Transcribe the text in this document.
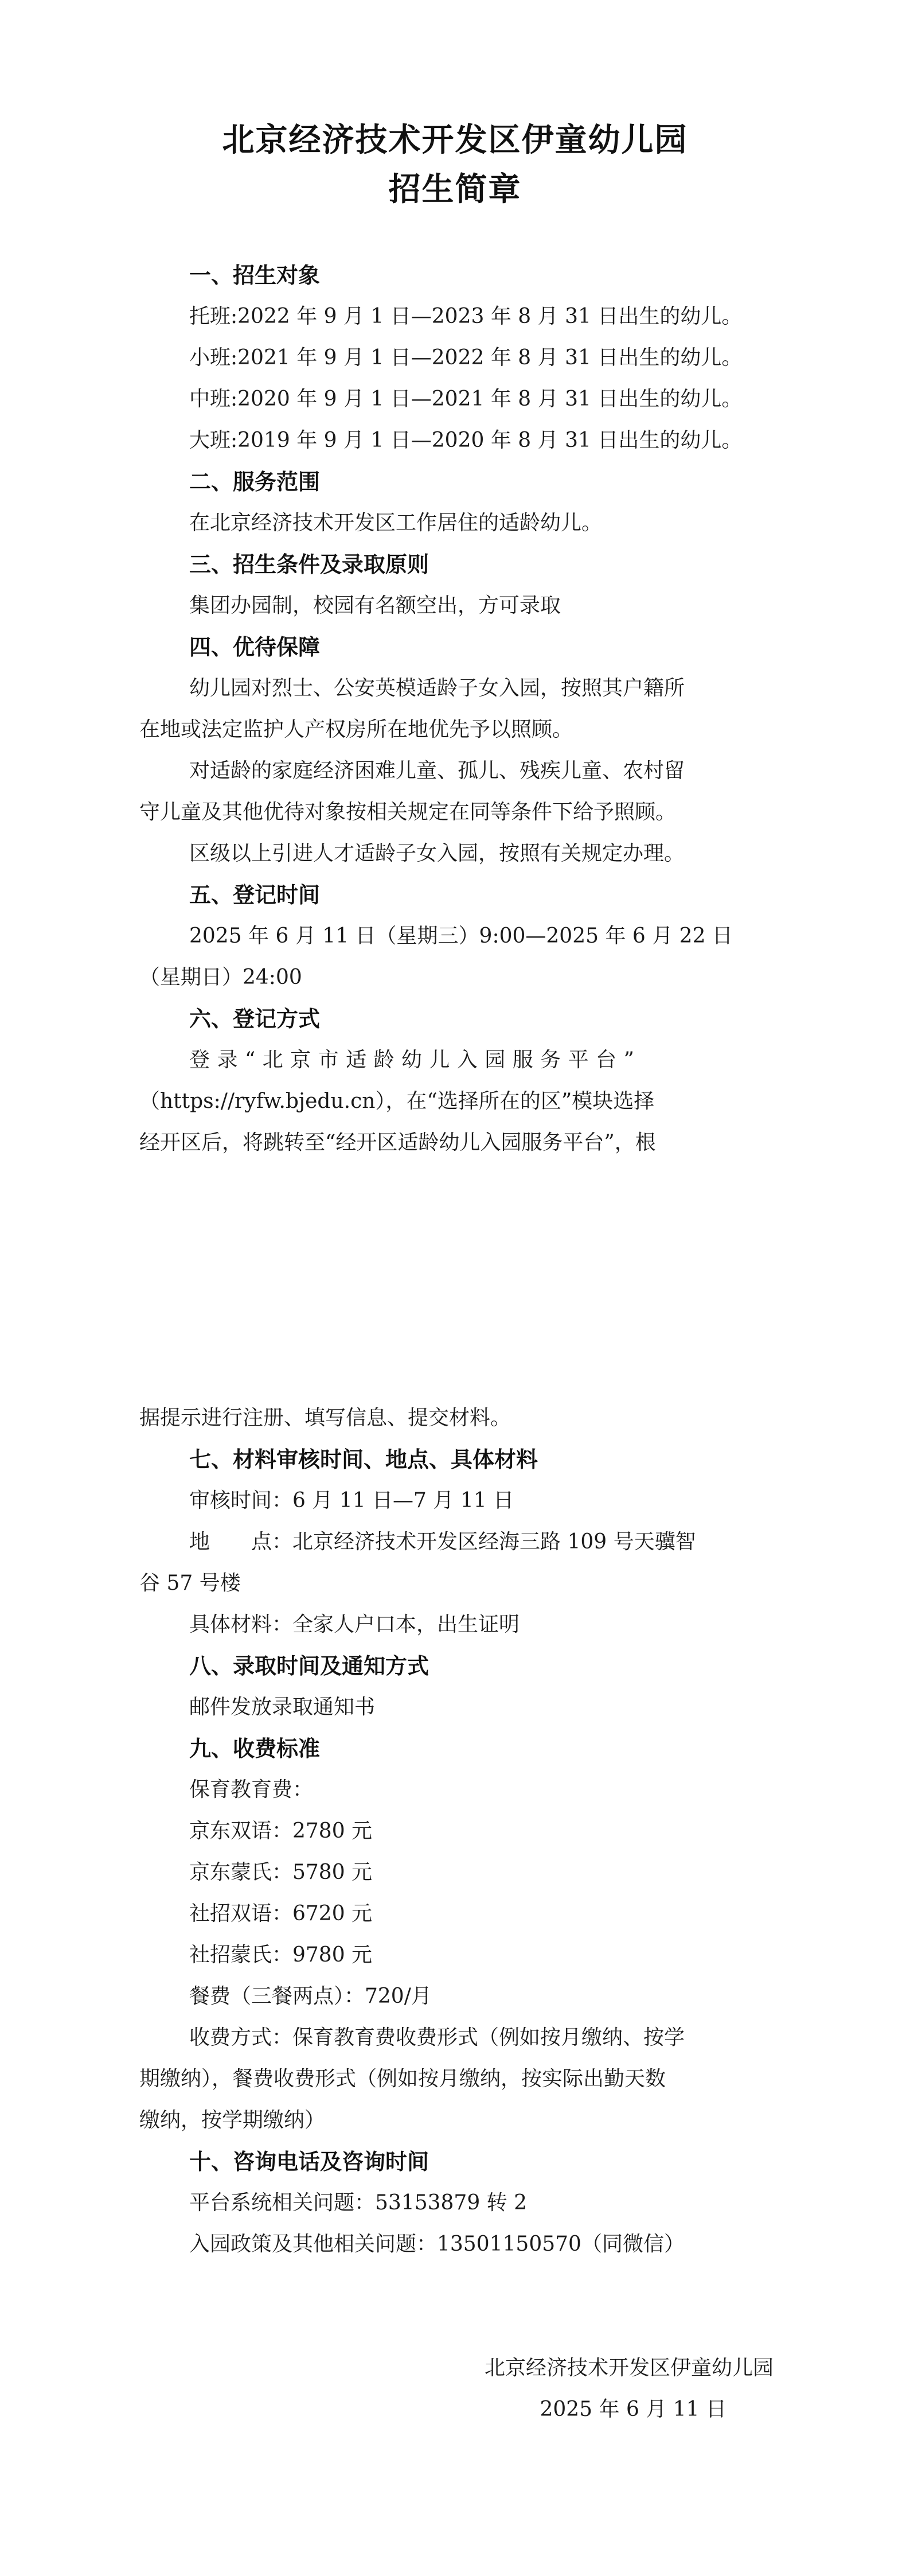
北京经济技术开发区伊童幼儿园
招生简章
一、招生对象
托班:2022 年 9 月 1 日—2023 年 8 月 31 日出生的幼儿。
小班:2021 年 9 月 1 日—2022 年 8 月 31 日出生的幼儿。
中班:2020 年 9 月 1 日—2021 年 8 月 31 日出生的幼儿。
大班:2019 年 9 月 1 日—2020 年 8 月 31 日出生的幼儿。
二、服务范围
在北京经济技术开发区工作居住的适龄幼儿。
三、招生条件及录取原则
集团办园制，校园有名额空出，方可录取
四、优待保障
幼儿园对烈士、公安英模适龄子女入园，按照其户籍所
在地或法定监护人产权房所在地优先予以照顾。
对适龄的家庭经济困难儿童、孤儿、残疾儿童、农村留
守儿童及其他优待对象按相关规定在同等条件下给予照顾。
区级以上引进人才适龄子女入园，按照有关规定办理。
五、登记时间
2025 年 6 月 11 日（星期三）9:00—2025 年 6 月 22 日
（星期日）24:00
六、登记方式
登 录 “ 北 京 市 适 龄 幼 儿 入 园 服 务 平 台 ”
（https://ryfw.bjedu.cn），在“选择所在的区”模块选择
经开区后，将跳转至“经开区适龄幼儿入园服务平台”，根
据提示进行注册、填写信息、提交材料。
七、材料审核时间、地点、具体材料
审核时间：6 月 11 日—7 月 11 日
地　　点：北京经济技术开发区经海三路 109 号天骥智
谷 57 号楼
具体材料：全家人户口本，出生证明
八、录取时间及通知方式
邮件发放录取通知书
九、收费标准
保育教育费：
京东双语：2780 元
京东蒙氏：5780 元
社招双语：6720 元
社招蒙氏：9780 元
餐费（三餐两点）：720/月
收费方式：保育教育费收费形式（例如按月缴纳、按学
期缴纳），餐费收费形式（例如按月缴纳，按实际出勤天数
缴纳，按学期缴纳）
十、咨询电话及咨询时间
平台系统相关问题：53153879 转 2
入园政策及其他相关问题：13501150570（同微信）
北京经济技术开发区伊童幼儿园
2025 年 6 月 11 日
